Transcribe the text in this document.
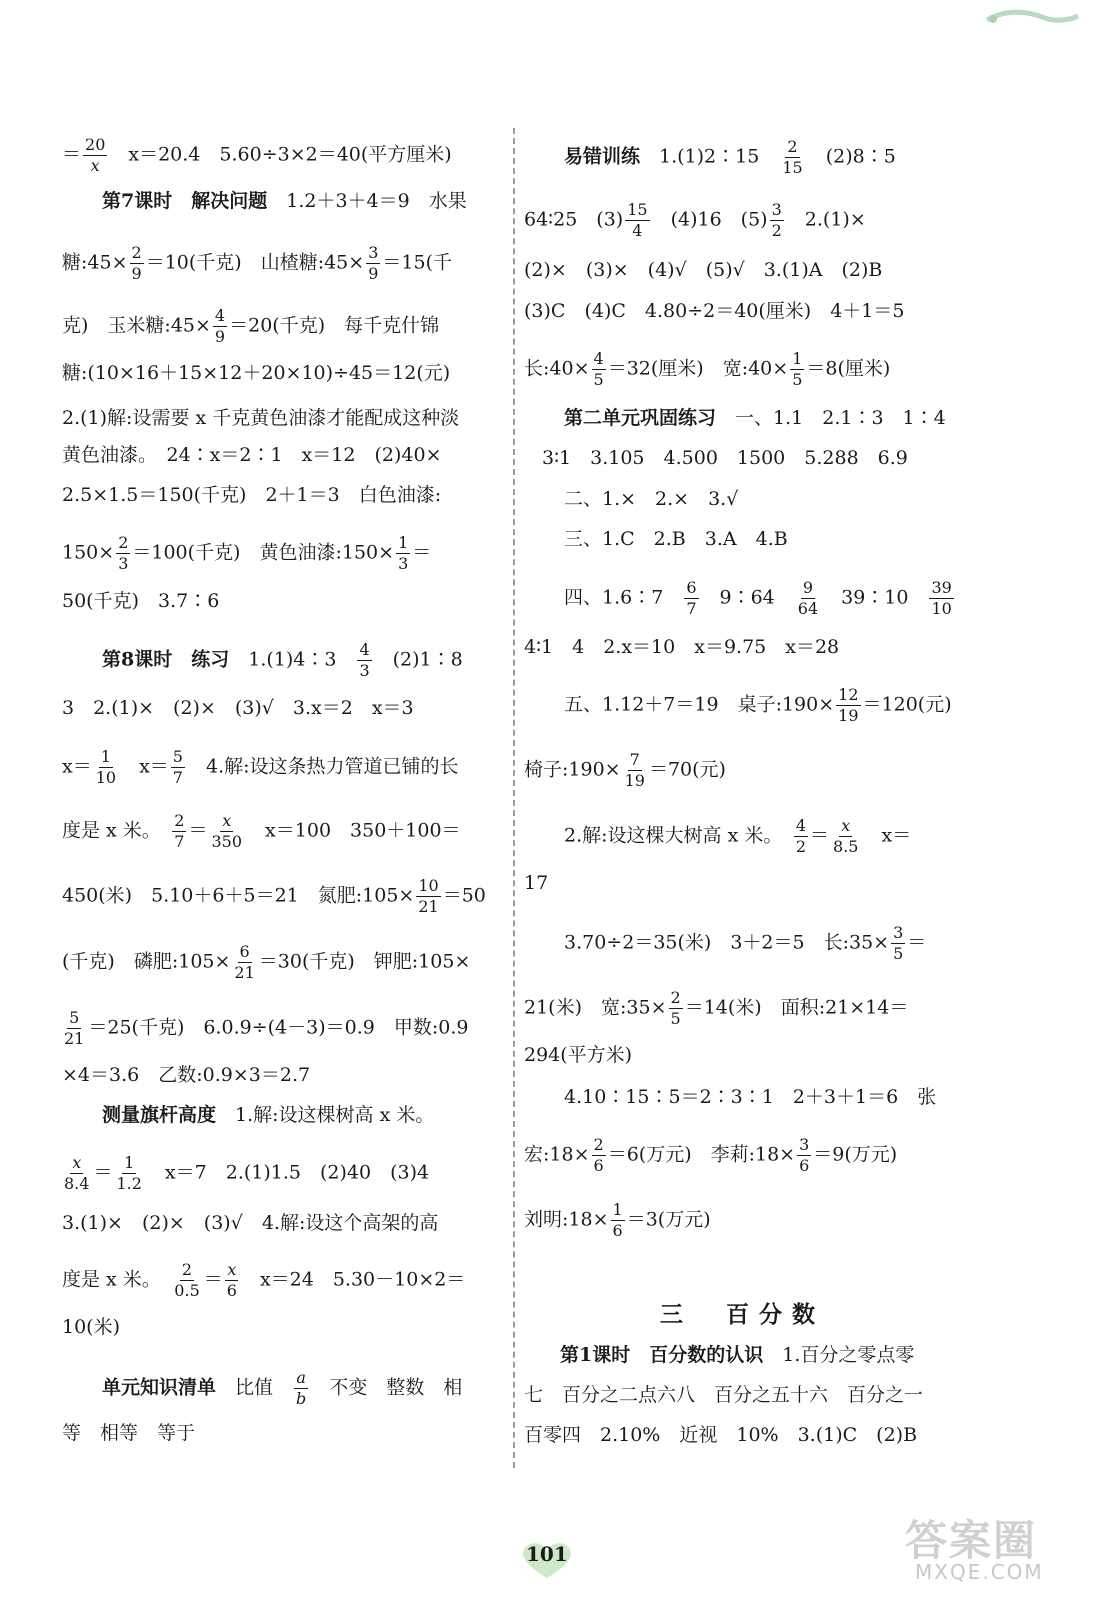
＝ $\frac{20}{x}$ 　x＝20.4　5.60÷3×2＝40(平方厘米)
第7课时　解决问题　1.2＋3＋4＝9　水果
糖:45× $\frac{2}{9} =10$(千克)　山楂糖:45× $\frac{3}{9} =15$(千
克)　玉米糖:45× $\frac{4}{9} =20$(千克)　每千克什锦
糖:(10×16＋15×12＋20×10)÷45＝12(元)
2.(1)解:设需要 x 千克黄色油漆才能配成这种淡
黄色油漆。　24∶x＝2∶1　x＝12　(2)40×
2.5×1.5＝150(千克)　2＋1＝3　白色油漆:
$150\times \frac{2}{3} =100$(千克)　黄色油漆:150× $\frac{1}{3}$ ＝
50(千克)　3.7∶6
第8课时　练习　1.(1)4∶3　 $\frac{4}{3}$ 　(2)1∶8
3　2.(1)×　(2)×　(3)√　3.x＝2　x＝3
$x= \frac{1}{10}$ 　$x= \frac{5}{7}$ 　4.解:设这条热力管道已铺的长
度是 x 米。　 $\frac{2}{7} = \frac{x}{350}$ 　x＝100　350＋100＝
450(米)　5.10＋6＋5＝21　氮肥:105× $\frac{10}{21} =50$
(千克)　磷肥:105× $\frac{6}{21} =30$(千克)　钾肥:105×
$\frac{5}{21} =25$(千克)　6.0.9÷(4－3)＝0.9　甲数:0.9
×4＝3.6　乙数:0.9×3＝2.7
测量旗杆高度　1.解:设这棵树高 x 米。
$\frac{x}{8.4} = \frac{1}{1.2}$ 　x＝7　2.(1)1.5　(2)40　(3)4
3.(1)×　(2)×　(3)√　4.解:设这个高架的高
度是 x 米。　 $\frac{2}{0.5} = \frac{x}{6}$ 　x＝24　5.30－10×2＝
10(米)
单元知识清单　比值　 $\frac{a}{b}$ 　不变　整数　相
等　相等　等于
易错训练　1.(1)2∶15　 $\frac{2}{15}$ 　(2)8∶5
64∶25　$(3) \frac{15}{4}$ 　(4)16　$(5) \frac{3}{2}$ 　2.(1)×
(2)×　(3)×　(4)√　(5)√　3.(1)A　(2)B
(3)C　(4)C　4.80÷2＝40(厘米)　4＋1＝5
长:40× $\frac{4}{5} =32$(厘米)　宽:40× $\frac{1}{5} =8$(厘米)
第二单元巩固练习　一、1.1　2.1∶3　1∶4
3∶1　3.105　4.500　1500　5.288　6.9
二、1.×　2.×　3.√
三、1.C　2.B　3.A　4.B
四、1.6∶7　 $\frac{6}{7}$ 　9∶64　 $\frac{9}{64}$ 　39∶10　 $\frac{39}{10}$
4∶1　4　2.x＝10　x＝9.75　x＝28
五、1.12＋7＝19　桌子:190× $\frac{12}{19} =120$(元)
椅子:190× $\frac{7}{19} =70$(元)
2.解:设这棵大树高 x 米。　 $\frac{4}{2} = \frac{x}{8.5}$ 　x＝
17
3.70÷2＝35(米)　3＋2＝5　长:35× $\frac{3}{5}$ ＝
21(米)　宽:35× $\frac{2}{5} =14$(米)　面积:21×14＝
294(平方米)
4.10∶15∶5＝2∶3∶1　2＋3＋1＝6　张
宏:18× $\frac{2}{6} =6$(万元)　李莉:18× $\frac{3}{6} =9$(万元)
刘明:18× $\frac{1}{6} =3$(万元)
三　百分数
第1课时　百分数的认识　1.百分之零点零
七　百分之二点六八　百分之五十六　百分之一
百零四　2.10%　近视　10%　3.(1)C　(2)B
101	答案圈
MXQE.COM
